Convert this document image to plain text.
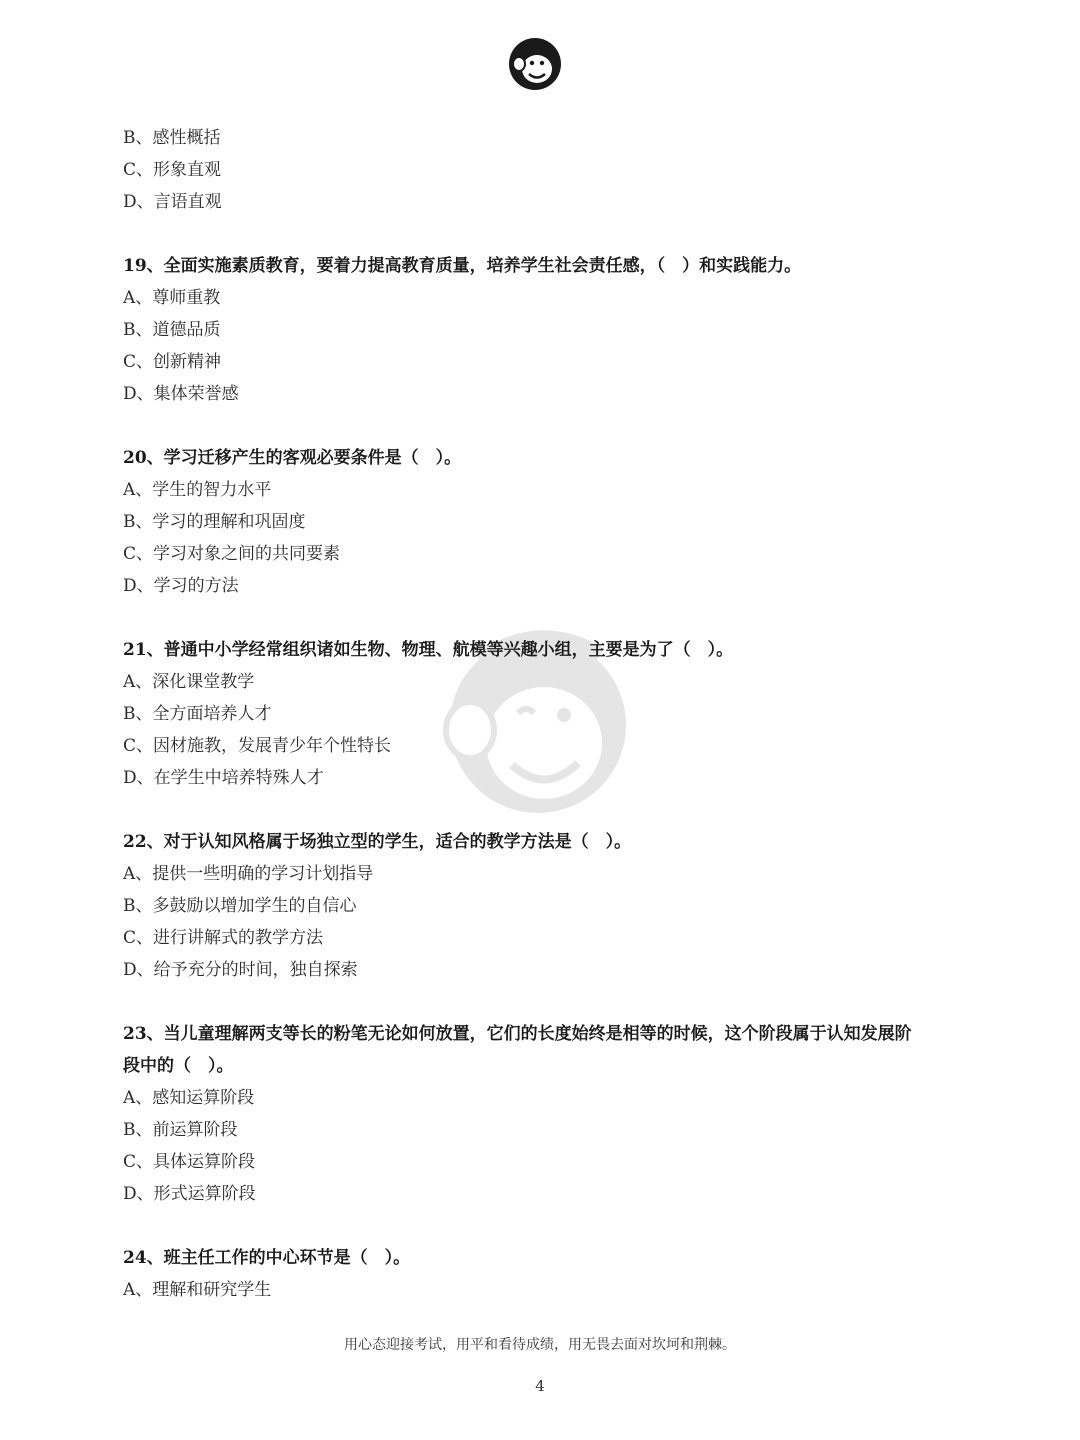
B、感性概括
C、形象直观
D、言语直观
19、全面实施素质教育，要着力提高教育质量，培养学生社会责任感，（　）和实践能力。
A、尊师重教
B、道德品质
C、创新精神
D、集体荣誉感
20、学习迁移产生的客观必要条件是（　）。
A、学生的智力水平
B、学习的理解和巩固度
C、学习对象之间的共同要素
D、学习的方法
21、普通中小学经常组织诸如生物、物理、航模等兴趣小组，主要是为了（　）。
A、深化课堂教学
B、全方面培养人才
C、因材施教，发展青少年个性特长
D、在学生中培养特殊人才
22、对于认知风格属于场独立型的学生，适合的教学方法是（　）。
A、提供一些明确的学习计划指导
B、多鼓励以增加学生的自信心
C、进行讲解式的教学方法
D、给予充分的时间，独自探索
23、当儿童理解两支等长的粉笔无论如何放置，它们的长度始终是相等的时候，这个阶段属于认知发展阶
段中的（　）。
A、感知运算阶段
B、前运算阶段
C、具体运算阶段
D、形式运算阶段
24、班主任工作的中心环节是（　）。
A、理解和研究学生
用心态迎接考试，用平和看待成绩，用无畏去面对坎坷和荆棘。
4
